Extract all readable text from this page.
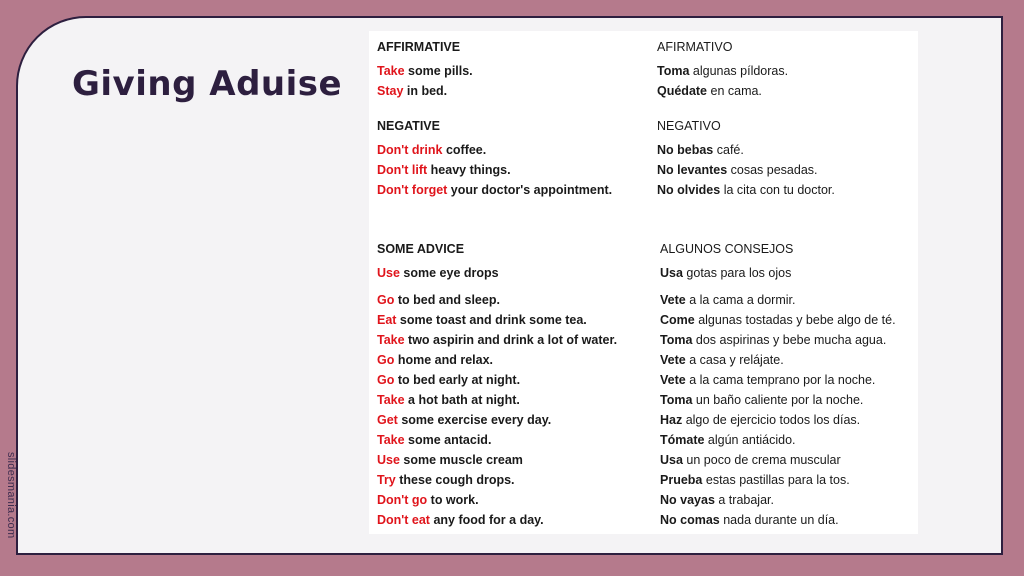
Giving Aduise
slidesmania.com
AFFIRMATIVE
Take some pills.
Stay in bed.
NEGATIVE
Don't drink coffee.
Don't lift heavy things.
Don't forget your doctor's appointment.
SOME ADVICE
Use some eye drops
Go to bed and sleep.
Eat some toast and drink some tea.
Take two aspirin and drink a lot of water.
Go home and relax.
Go to bed early at night.
Take a hot bath at night.
Get some exercise every day.
Take some antacid.
Use some muscle cream
Try these cough drops.
Don't go to work.
Don't eat any food for a day.
AFIRMATIVO
Toma algunas píldoras.
Quédate en cama.
NEGATIVO
No bebas café.
No levantes cosas pesadas.
No olvides la cita con tu doctor.
ALGUNOS CONSEJOS
Usa gotas para los ojos
Vete a la cama a dormir.
Come algunas tostadas y bebe algo de té.
Toma dos aspirinas y bebe mucha agua.
Vete a casa y relájate.
Vete a la cama temprano por la noche.
Toma un baño caliente por la noche.
Haz algo de ejercicio todos los días.
Tómate algún antiácido.
Usa un poco de crema muscular
Prueba estas pastillas para la tos.
No vayas a trabajar.
No comas nada durante un día.
